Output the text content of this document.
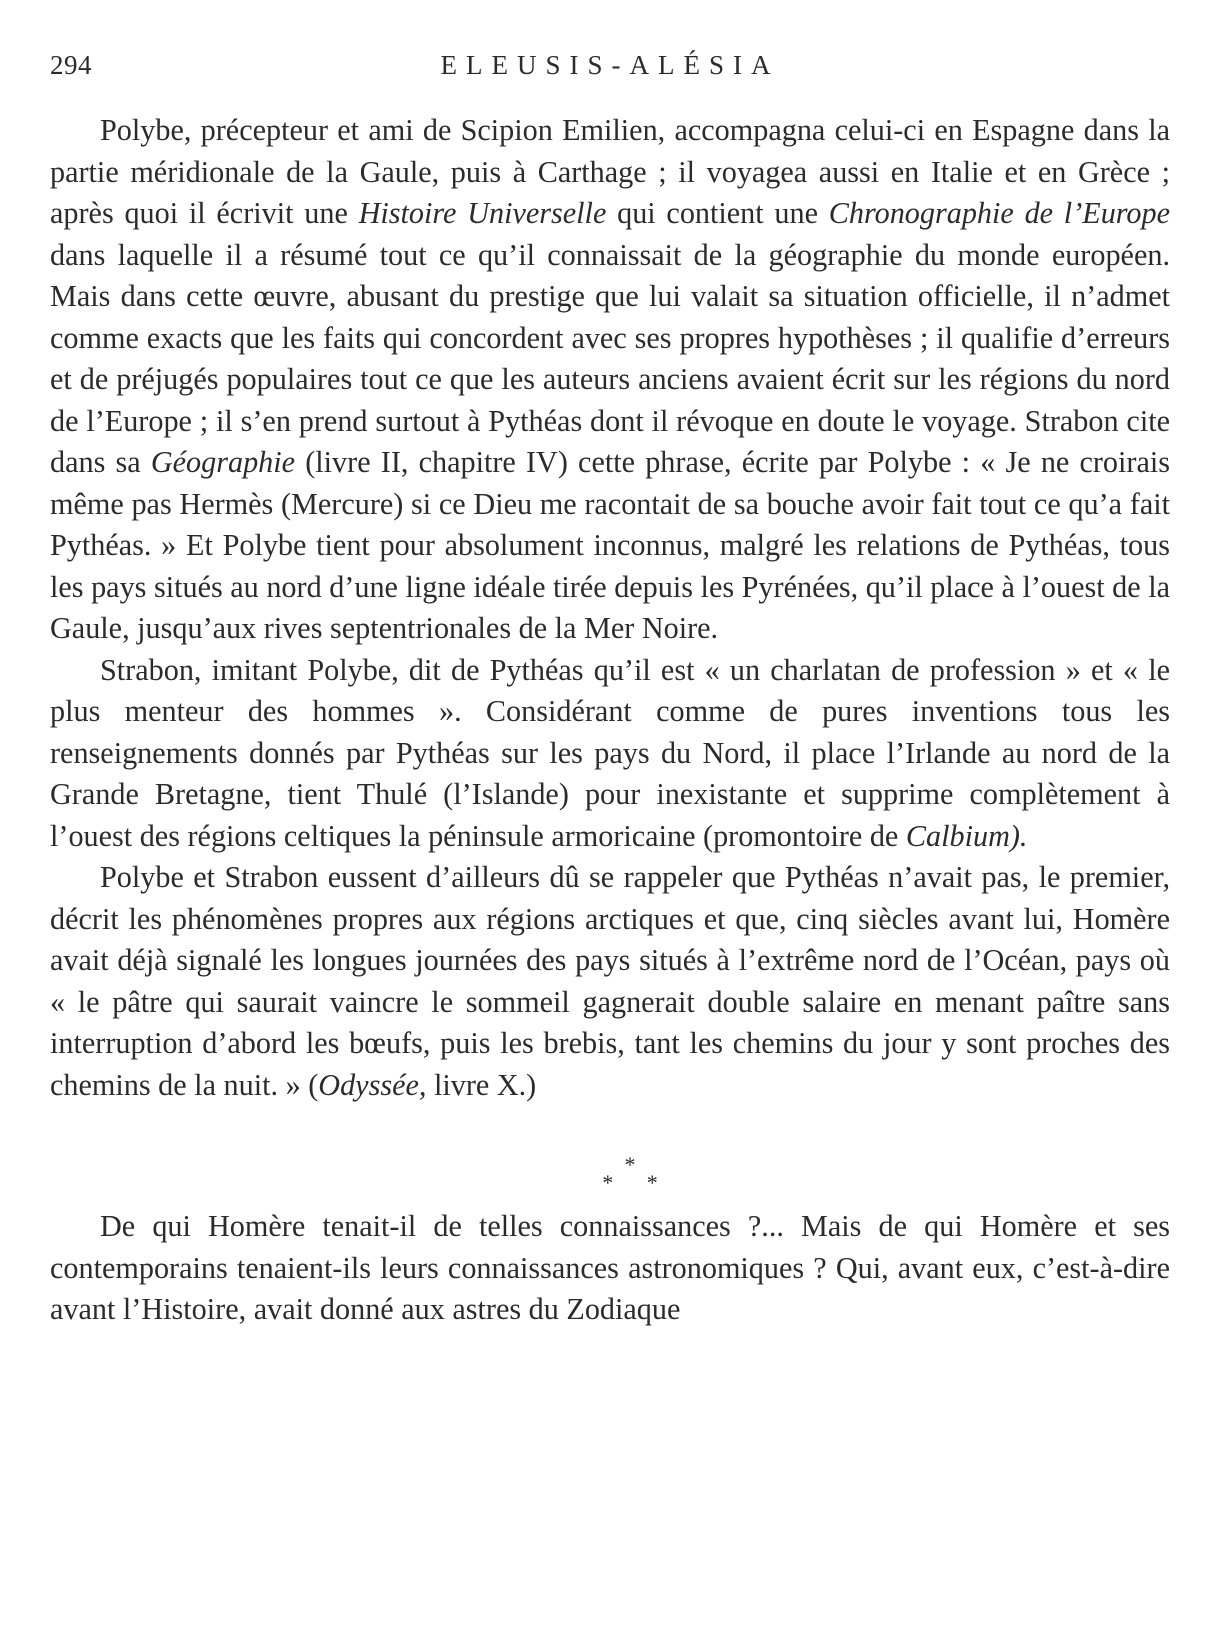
294	ELEUSIS-ALÉSIA

Polybe, précepteur et ami de Scipion Emilien, accompagna celui-ci en Espagne dans la partie méridionale de la Gaule, puis à Carthage ; il voyagea aussi en Italie et en Grèce ; après quoi il écrivit une Histoire Universelle qui contient une Chronographie de l’Europe dans laquelle il a résumé tout ce qu’il connaissait de la géographie du monde européen. Mais dans cette œuvre, abusant du prestige que lui valait sa situation officielle, il n’admet comme exacts que les faits qui concordent avec ses propres hypothèses ; il qualifie d’erreurs et de préjugés populaires tout ce que les auteurs anciens avaient écrit sur les régions du nord de l’Europe ; il s’en prend surtout à Pythéas dont il révoque en doute le voyage. Strabon cite dans sa Géographie (livre II, chapitre IV) cette phrase, écrite par Polybe : « Je ne croirais même pas Hermès (Mercure) si ce Dieu me racontait de sa bouche avoir fait tout ce qu’a fait Pythéas. » Et Polybe tient pour absolument inconnus, malgré les relations de Pythéas, tous les pays situés au nord d’une ligne idéale tirée depuis les Pyrénées, qu’il place à l’ouest de la Gaule, jusqu’aux rives septentrionales de la Mer Noire.

Strabon, imitant Polybe, dit de Pythéas qu’il est « un charlatan de profession » et « le plus menteur des hommes ». Considérant comme de pures inventions tous les renseignements donnés par Pythéas sur les pays du Nord, il place l’Irlande au nord de la Grande Bretagne, tient Thulé (l’Islande) pour inexistante et supprime complètement à l’ouest des régions celtiques la péninsule armoricaine (promontoire de Calbium).

Polybe et Strabon eussent d’ailleurs dû se rappeler que Pythéas n’avait pas, le premier, décrit les phénomènes propres aux régions arctiques et que, cinq siècles avant lui, Homère avait déjà signalé les longues journées des pays situés à l’extrême nord de l’Océan, pays où « le pâtre qui saurait vaincre le sommeil gagnerait double salaire en menant paître sans interruption d’abord les bœufs, puis les brebis, tant les chemins du jour y sont proches des chemins de la nuit. » (Odyssée, livre X.)

*
* *

De qui Homère tenait-il de telles connaissances ?... Mais de qui Homère et ses contemporains tenaient-ils leurs connaissances astronomiques ? Qui, avant eux, c’est-à-dire avant l’Histoire, avait donné aux astres du Zodiaque
